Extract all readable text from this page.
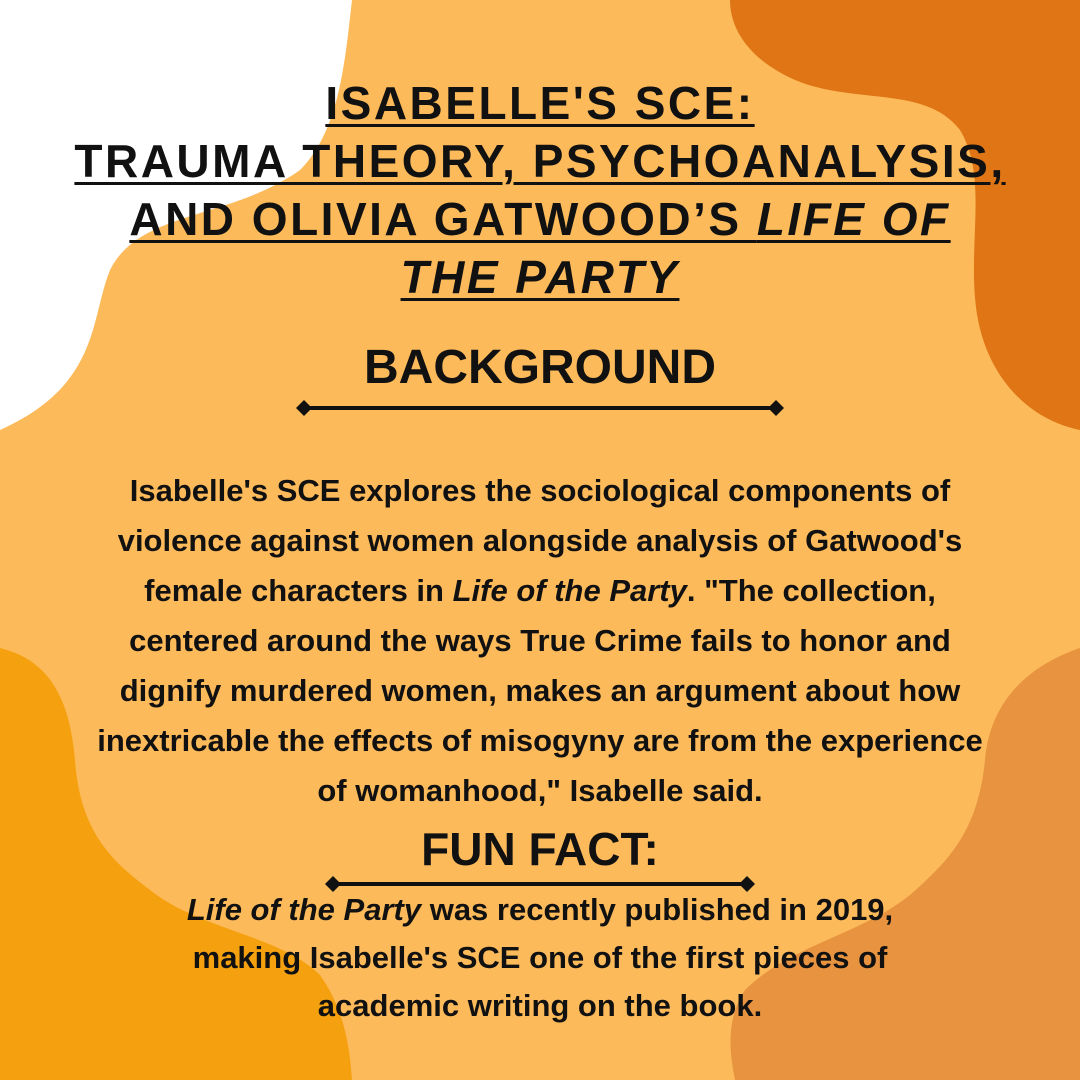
ISABELLE'S SCE:
TRAUMA THEORY, PSYCHOANALYSIS,
AND OLIVIA GATWOOD’S LIFE OF
THE PARTY
BACKGROUND
Isabelle's SCE explores the sociological components of
violence against women alongside analysis of Gatwood's
female characters in Life of the Party. "The collection,
centered around the ways True Crime fails to honor and
dignify murdered women, makes an argument about how
inextricable the effects of misogyny are from the experience
of womanhood," Isabelle said.
FUN FACT:
Life of the Party was recently published in 2019,
making Isabelle's SCE one of the first pieces of
academic writing on the book.
